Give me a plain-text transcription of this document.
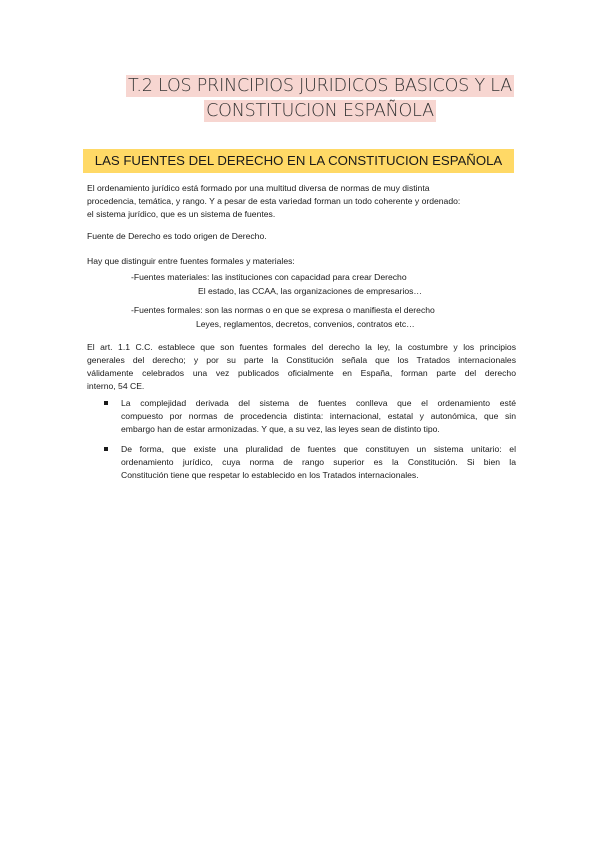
T.2 LOS PRINCIPIOS JURIDICOS BASICOS Y LA
CONSTITUCION ESPAÑOLA
LAS FUENTES DEL DERECHO EN LA CONSTITUCION ESPAÑOLA

El ordenamiento jurídico está formado por una multitud diversa de normas de muy distinta

procedencia, temática, y rango. Y a pesar de esta variedad forman un todo coherente y ordenado:

el sistema jurídico, que es un sistema de fuentes.

Fuente de Derecho es todo origen de Derecho.

Hay que distinguir entre fuentes formales y materiales:

-Fuentes materiales: las instituciones con capacidad para crear Derecho
El estado, las CCAA, las organizaciones de empresarios…
-Fuentes formales: son las normas o en que se expresa o manifiesta el derecho
Leyes, reglamentos, decretos, convenios, contratos etc…

El art. 1.1 C.C. establece que son fuentes formales del derecho la ley, la costumbre y los principios

generales del derecho; y por su parte la Constitución señala que los Tratados internacionales

válidamente celebrados una vez publicados oficialmente en España, forman parte del derecho

interno, 54 CE.

La complejidad derivada del sistema de fuentes conlleva que el ordenamiento esté

compuesto por normas de procedencia distinta: internacional, estatal y autonómica, que sin

embargo han de estar armonizadas. Y que, a su vez, las leyes sean de distinto tipo.

De forma, que existe una pluralidad de fuentes que constituyen un sistema unitario: el

ordenamiento jurídico, cuya norma de rango superior es la Constitución. Si bien la

Constitución tiene que respetar lo establecido en los Tratados internacionales.
